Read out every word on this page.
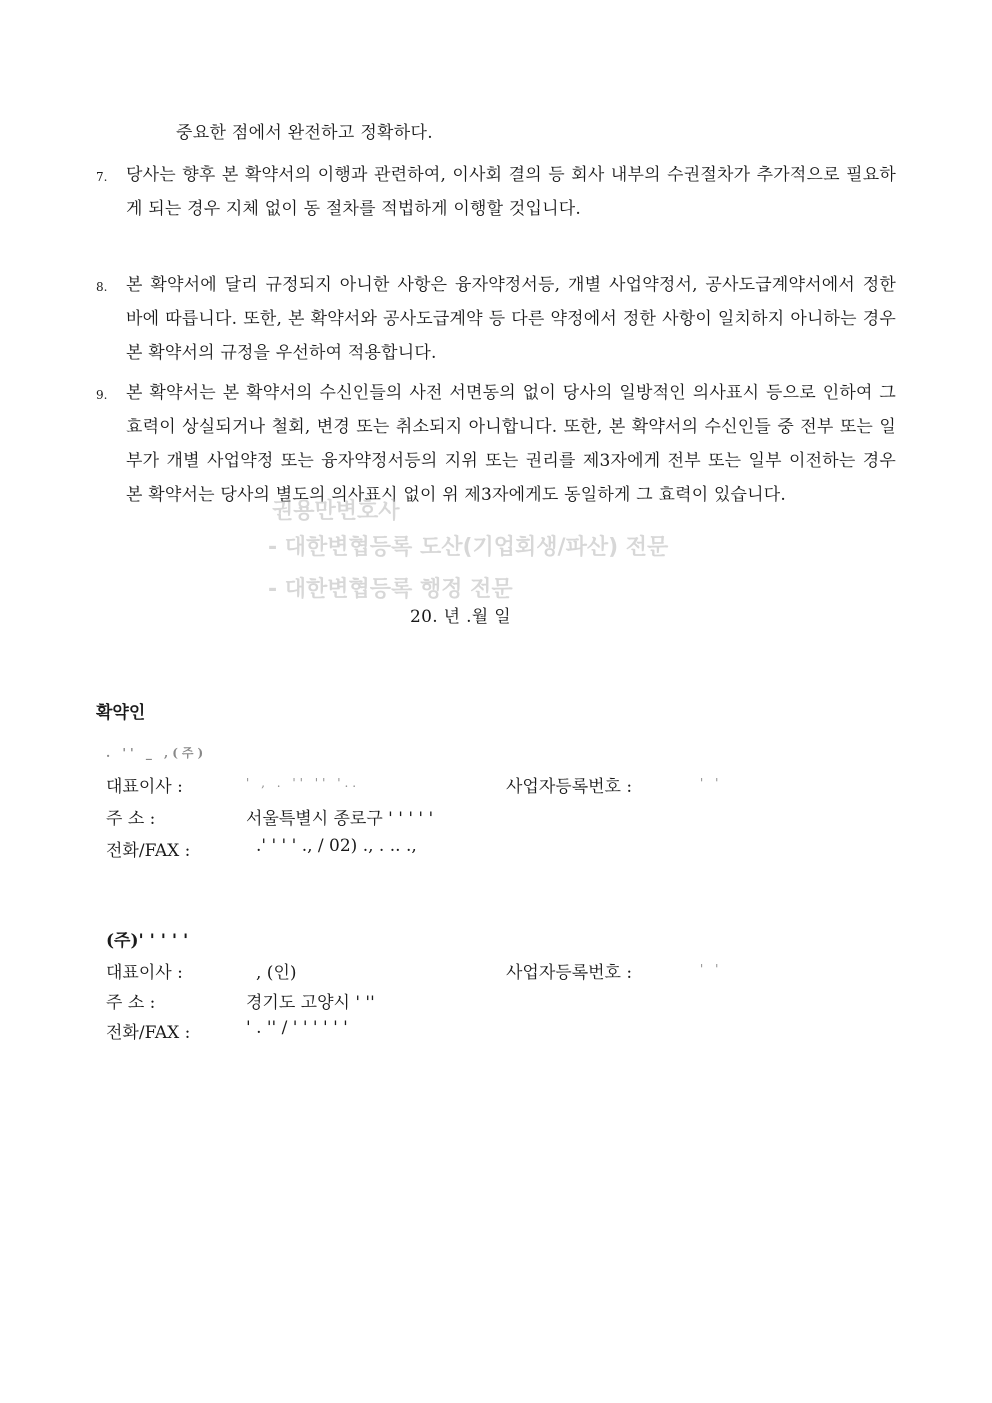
중요한 점에서 완전하고 정확하다.
7. 당사는 향후 본 확약서의 이행과 관련하여, 이사회 결의 등 회사 내부의 수권절차가 추가적으로 필요하게 되는 경우 지체 없이 동 절차를 적법하게 이행할 것입니다.
8. 본 확약서에 달리 규정되지 아니한 사항은 융자약정서등, 개별 사업약정서, 공사도급계약서에서 정한 바에 따릅니다. 또한, 본 확약서와 공사도급계약 등 다른 약정에서 정한 사항이 일치하지 아니하는 경우 본 확약서의 규정을 우선하여 적용합니다.
9. 본 확약서는 본 확약서의 수신인들의 사전 서면동의 없이 당사의 일방적인 의사표시 등으로 인하여 그 효력이 상실되거나 철회, 변경 또는 취소되지 아니합니다. 또한, 본 확약서의 수신인들 중 전부 또는 일부가 개별 사업약정 또는 융자약정서등의 지위 또는 권리를 제3자에게 전부 또는 일부 이전하는 경우 본 확약서는 당사의 별도의 의사표시 없이 위 제3자에게도 동일하게 그 효력이 있습니다.
권용만변호사
- 대한변협등록 도산(기업회생/파산) 전문
- 대한변협등록 행정 전문
20. 년 .월 일
확약인
. '' _ ,(주)
대표이사 :	' , . '' '' '..	사업자등록번호 :	' '
주 소 :	서울특별시 종로구 ' ' ' ' '
전화/FAX :	.' ' ' ' ., / 02) ., . .. .,
(주)' ' ' ' '
대표이사 :	, (인)	사업자등록번호 :	' '
주 소 :	경기도 고양시 ' ''
전화/FAX :	' . '' / ' ' ' ' ' '
